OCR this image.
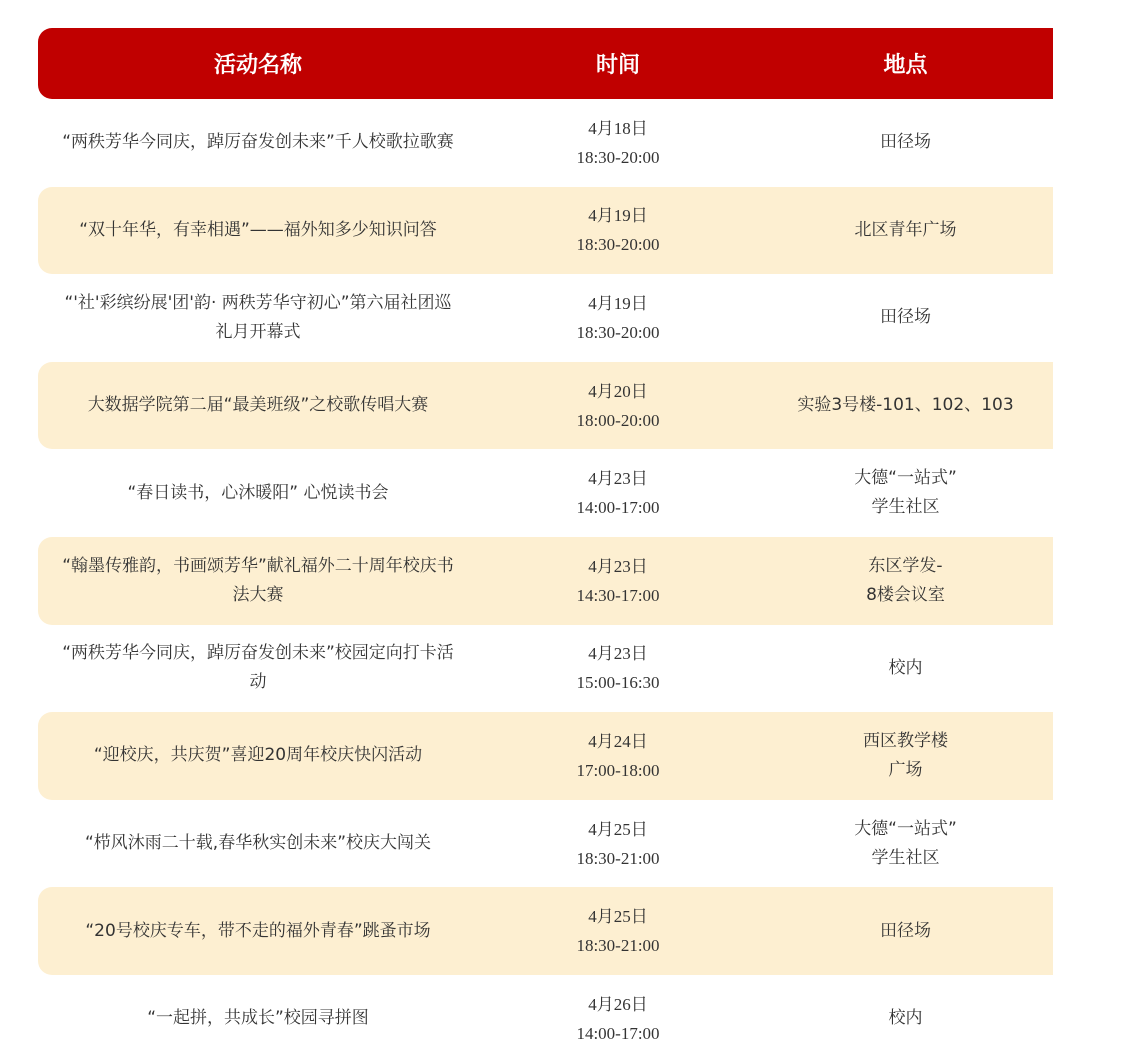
活动名称	时间	地点
“两秩芳华今同庆，踔厉奋发创未来”千人校歌拉歌赛
4月18日
18:30-20:00
田径场
“双十年华，有幸相遇”——福外知多少知识问答
4月19日
18:30-20:00
北区青年广场
“'社'彩缤纷展'团'韵· 两秩芳华守初心”第六届社团巡礼月开幕式
4月19日
18:30-20:00
田径场
大数据学院第二届“最美班级”之校歌传唱大赛
4月20日
18:00-20:00
实验3号楼-101、102、103
“春日读书，心沐暖阳” 心悦读书会
4月23日
14:00-17:00
大德“一站式”
学生社区
“翰墨传雅韵，书画颂芳华”献礼福外二十周年校庆书法大赛
4月23日
14:30-17:00
东区学发-
8楼会议室
“两秩芳华今同庆，踔厉奋发创未来”校园定向打卡活动
4月23日
15:00-16:30
校内
“迎校庆，共庆贺”喜迎20周年校庆快闪活动
4月24日
17:00-18:00
西区教学楼
广场
“栉风沐雨二十载,春华秋实创未来”校庆大闯关
4月25日
18:30-21:00
大德“一站式”
学生社区
“20号校庆专车，带不走的福外青春”跳蚤市场
4月25日
18:30-21:00
田径场
“一起拼，共成长”校园寻拼图
4月26日
14:00-17:00
校内
